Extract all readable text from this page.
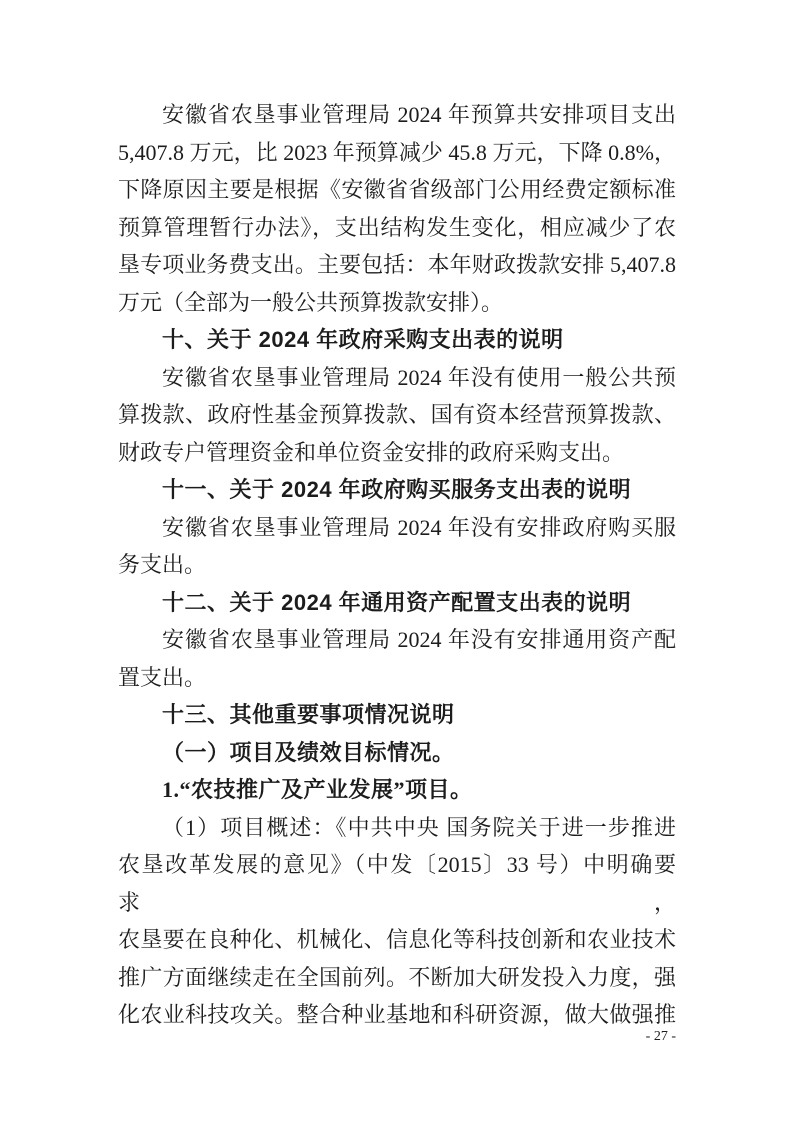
安徽省农垦事业管理局 2024 年预算共安排项目支出
5,407.8 万元，比 2023 年预算减少 45.8 万元，下降 0.8%，
下降原因主要是根据《安徽省省级部门公用经费定额标准
预算管理暂行办法》，支出结构发生变化，相应减少了农
垦专项业务费支出。主要包括：本年财政拨款安排 5,407.8
万元（全部为一般公共预算拨款安排）。
十、关于 2024 年政府采购支出表的说明
安徽省农垦事业管理局 2024 年没有使用一般公共预
算拨款、政府性基金预算拨款、国有资本经营预算拨款、
财政专户管理资金和单位资金安排的政府采购支出。
十一、关于 2024 年政府购买服务支出表的说明
安徽省农垦事业管理局 2024 年没有安排政府购买服
务支出。
十二、关于 2024 年通用资产配置支出表的说明
安徽省农垦事业管理局 2024 年没有安排通用资产配
置支出。
十三、其他重要事项情况说明
（一）项目及绩效目标情况。
1.“农技推广及产业发展”项目。
（1）项目概述：《中共中央 国务院关于进一步推进
农垦改革发展的意见》（中发〔2015〕33 号）中明确要求，
农垦要在良种化、机械化、信息化等科技创新和农业技术
推广方面继续走在全国前列。不断加大研发投入力度，强
化农业科技攻关。整合种业基地和科研资源，做大做强推
- 27 -
